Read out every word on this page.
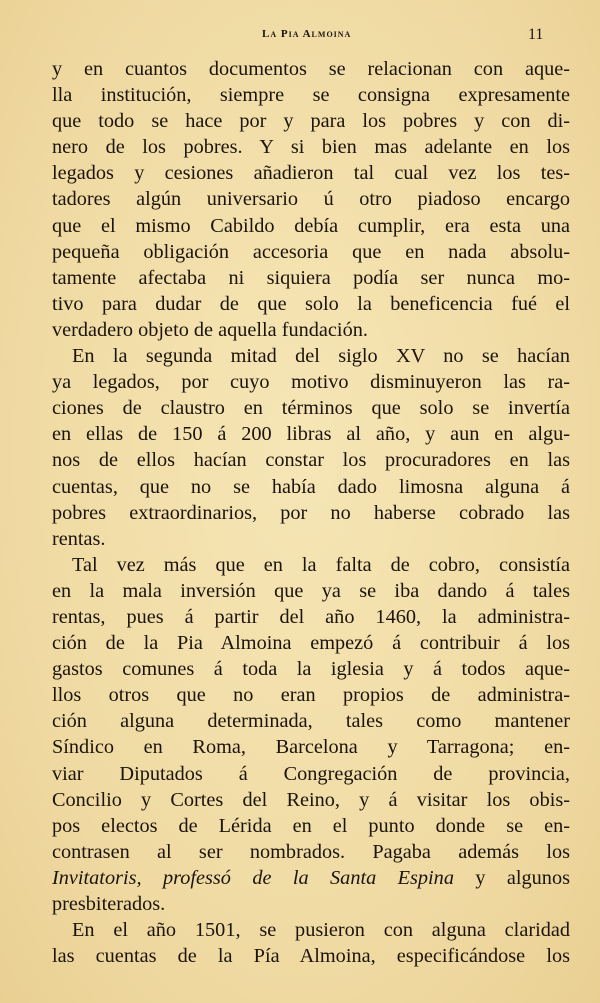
La Pia Almoina	11
y en cuantos documentos se relacionan con aque-
lla institución, siempre se consigna expresamente
que todo se hace por y para los pobres y con di-
nero de los pobres. Y si bien mas adelante en los
legados y cesiones añadieron tal cual vez los tes-
tadores algún universario ú otro piadoso encargo
que el mismo Cabildo debía cumplir, era esta una
pequeña obligación accesoria que en nada absolu-
tamente afectaba ni siquiera podía ser nunca mo-
tivo para dudar de que solo la beneficencia fué el
verdadero objeto de aquella fundación.
En la segunda mitad del siglo XV no se hacían
ya legados, por cuyo motivo disminuyeron las ra-
ciones de claustro en términos que solo se invertía
en ellas de 150 á 200 libras al año, y aun en algu-
nos de ellos hacían constar los procuradores en las
cuentas, que no se había dado limosna alguna á
pobres extraordinarios, por no haberse cobrado las
rentas.
Tal vez más que en la falta de cobro, consistía
en la mala inversión que ya se iba dando á tales
rentas, pues á partir del año 1460, la administra-
ción de la Pia Almoina empezó á contribuir á los
gastos comunes á toda la iglesia y á todos aque-
llos otros que no eran propios de administra-
ción alguna determinada, tales como mantener
Síndico en Roma, Barcelona y Tarragona; en-
viar Diputados á Congregación de provincia,
Concilio y Cortes del Reino, y á visitar los obis-
pos electos de Lérida en el punto donde se en-
contrasen al ser nombrados. Pagaba además los
Invitatoris, professó de la Santa Espina y algunos
presbiterados.
En el año 1501, se pusieron con alguna claridad
las cuentas de la Pía Almoina, especificándose los
